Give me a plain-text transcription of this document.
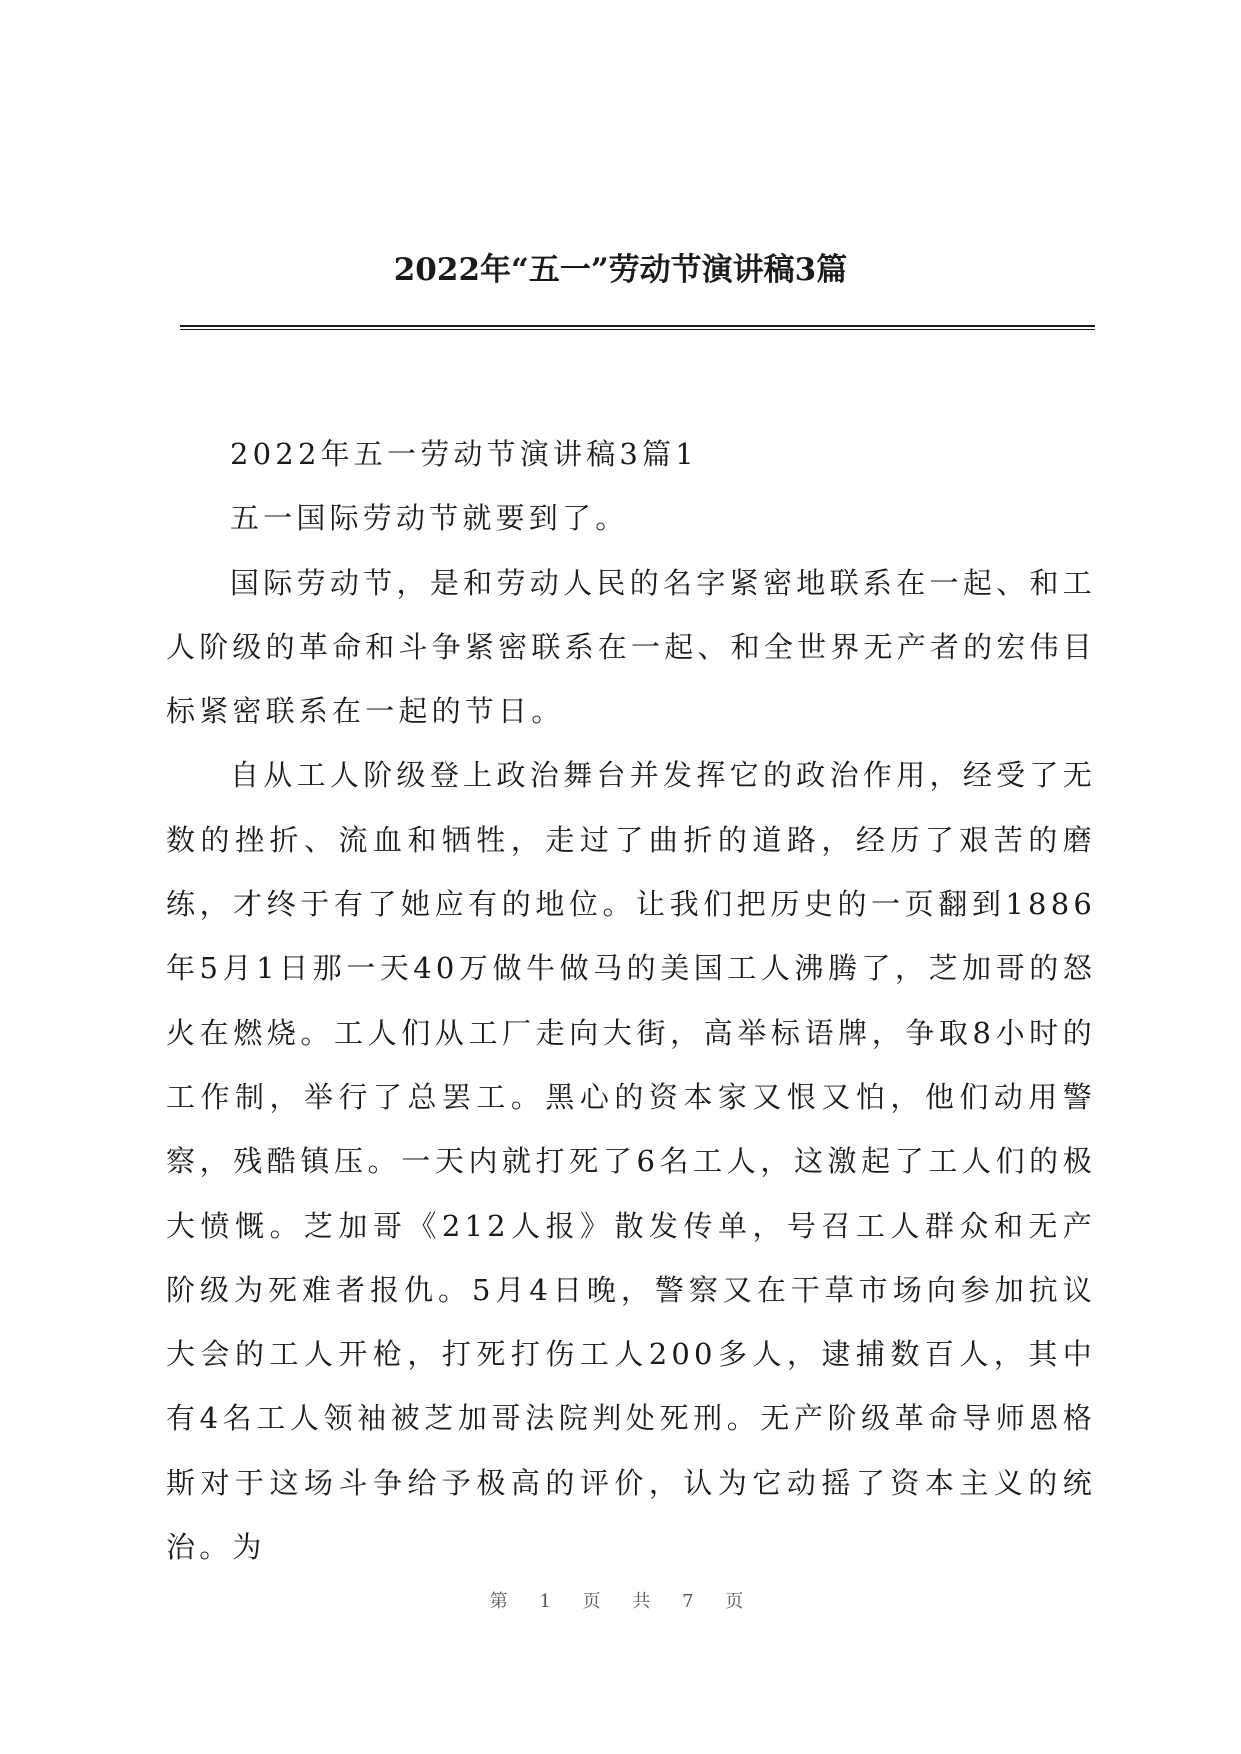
2022年“五一”劳动节演讲稿3篇

2022年五一劳动节演讲稿3篇1

五一国际劳动节就要到了。

国际劳动节，是和劳动人民的名字紧密地联系在一起、和工人阶级的革命和斗争紧密联系在一起、和全世界无产者的宏伟目标紧密联系在一起的节日。

自从工人阶级登上政治舞台并发挥它的政治作用，经受了无数的挫折、流血和牺牲，走过了曲折的道路，经历了艰苦的磨练，才终于有了她应有的地位。让我们把历史的一页翻到1886年5月1日那一天40万做牛做马的美国工人沸腾了，芝加哥的怒火在燃烧。工人们从工厂走向大街，高举标语牌，争取8小时的工作制，举行了总罢工。黑心的资本家又恨又怕，他们动用警察，残酷镇压。一天内就打死了6名工人，这激起了工人们的极大愤慨。芝加哥《212人报》散发传单，号召工人群众和无产阶级为死难者报仇。5月4日晚，警察又在干草市场向参加抗议大会的工人开枪，打死打伤工人200多人，逮捕数百人，其中有4名工人领袖被芝加哥法院判处死刑。无产阶级革命导师恩格斯对于这场斗争给予极高的评价，认为它动摇了资本主义的统治。为

第 1 页 共 7 页
